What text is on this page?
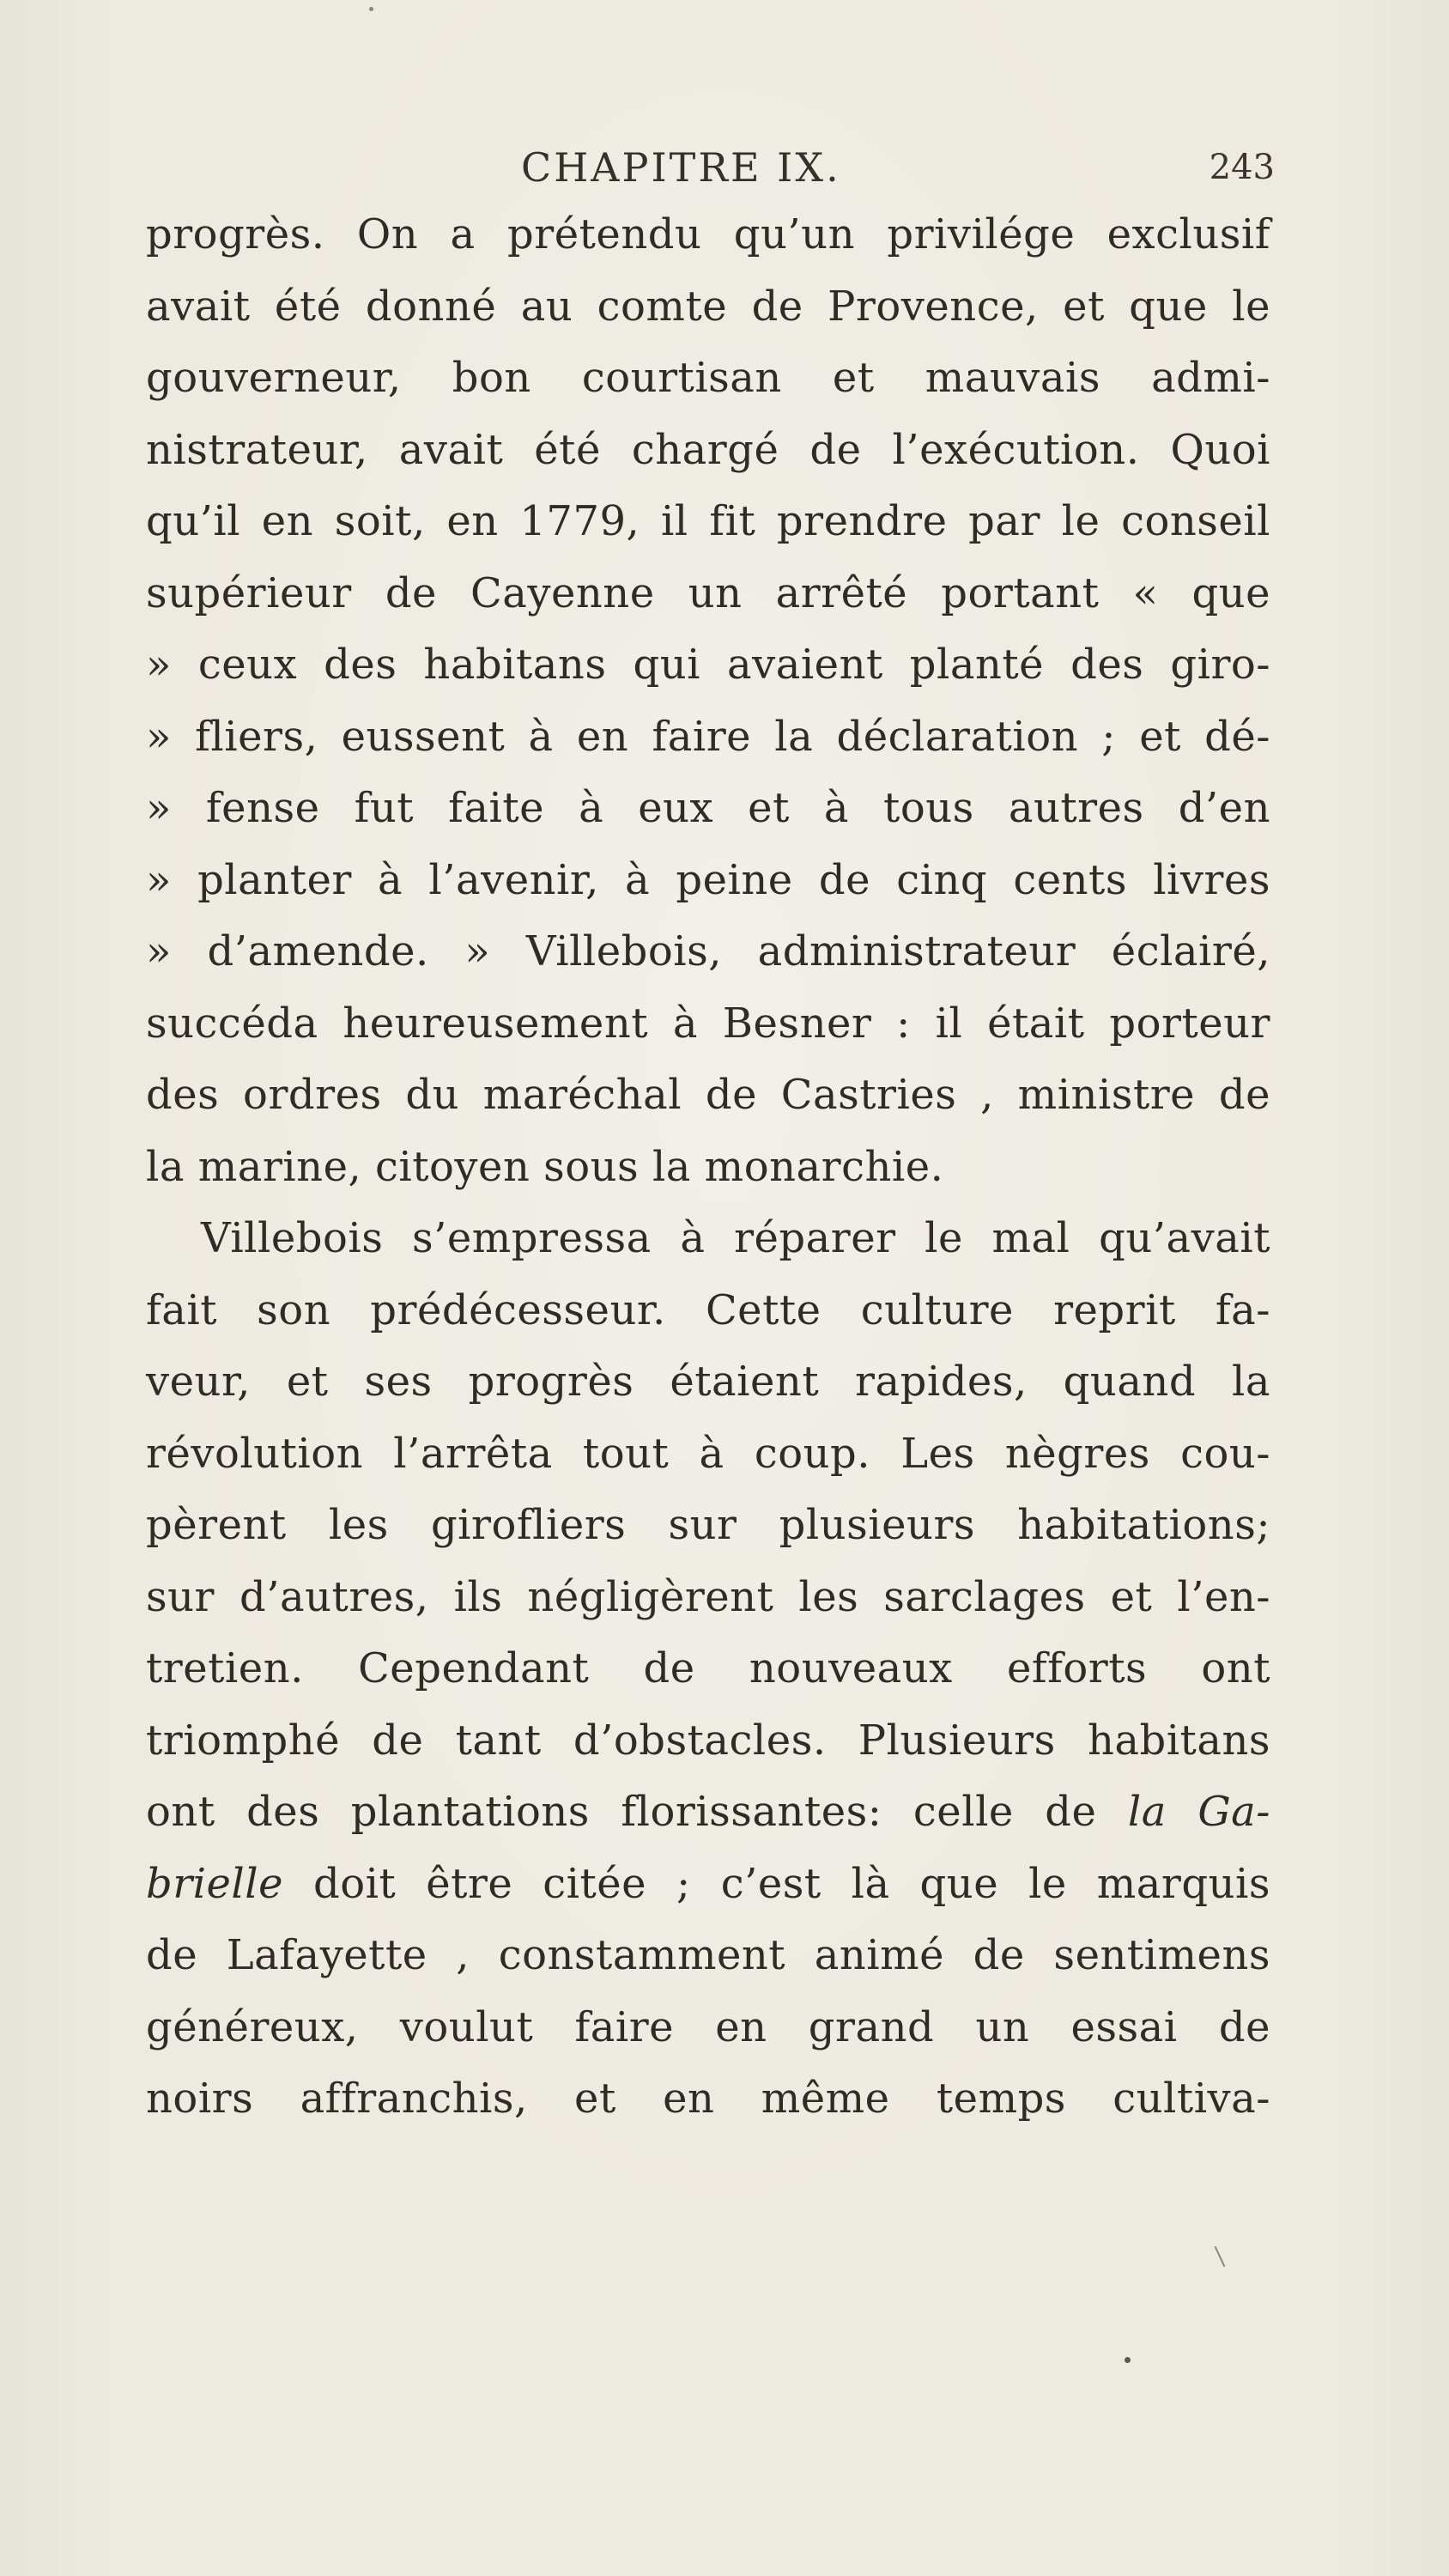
CHAPITRE IX.	243
progrès. On a prétendu qu’un privilége exclusif
avait été donné au comte de Provence, et que le
gouverneur, bon courtisan et mauvais admi-
nistrateur, avait été chargé de l’exécution. Quoi
qu’il en soit, en 1779, il fit prendre par le conseil
supérieur de Cayenne un arrêté portant « que
» ceux des habitans qui avaient planté des giro-
» fliers, eussent à en faire la déclaration ; et dé-
» fense fut faite à eux et à tous autres d’en
» planter à l’avenir, à peine de cinq cents livres
» d’amende. » Villebois, administrateur éclairé,
succéda heureusement à Besner : il était porteur
des ordres du maréchal de Castries , ministre de
la marine, citoyen sous la monarchie.
Villebois s’empressa à réparer le mal qu’avait
fait son prédécesseur. Cette culture reprit fa-
veur, et ses progrès étaient rapides, quand la
révolution l’arrêta tout à coup. Les nègres cou-
pèrent les girofliers sur plusieurs habitations;
sur d’autres, ils négligèrent les sarclages et l’en-
tretien. Cependant de nouveaux efforts ont
triomphé de tant d’obstacles. Plusieurs habitans
ont des plantations florissantes: celle de la Ga-
brielle doit être citée ; c’est là que le marquis
de Lafayette , constamment animé de sentimens
généreux, voulut faire en grand un essai de
noirs affranchis, et en même temps cultiva-
